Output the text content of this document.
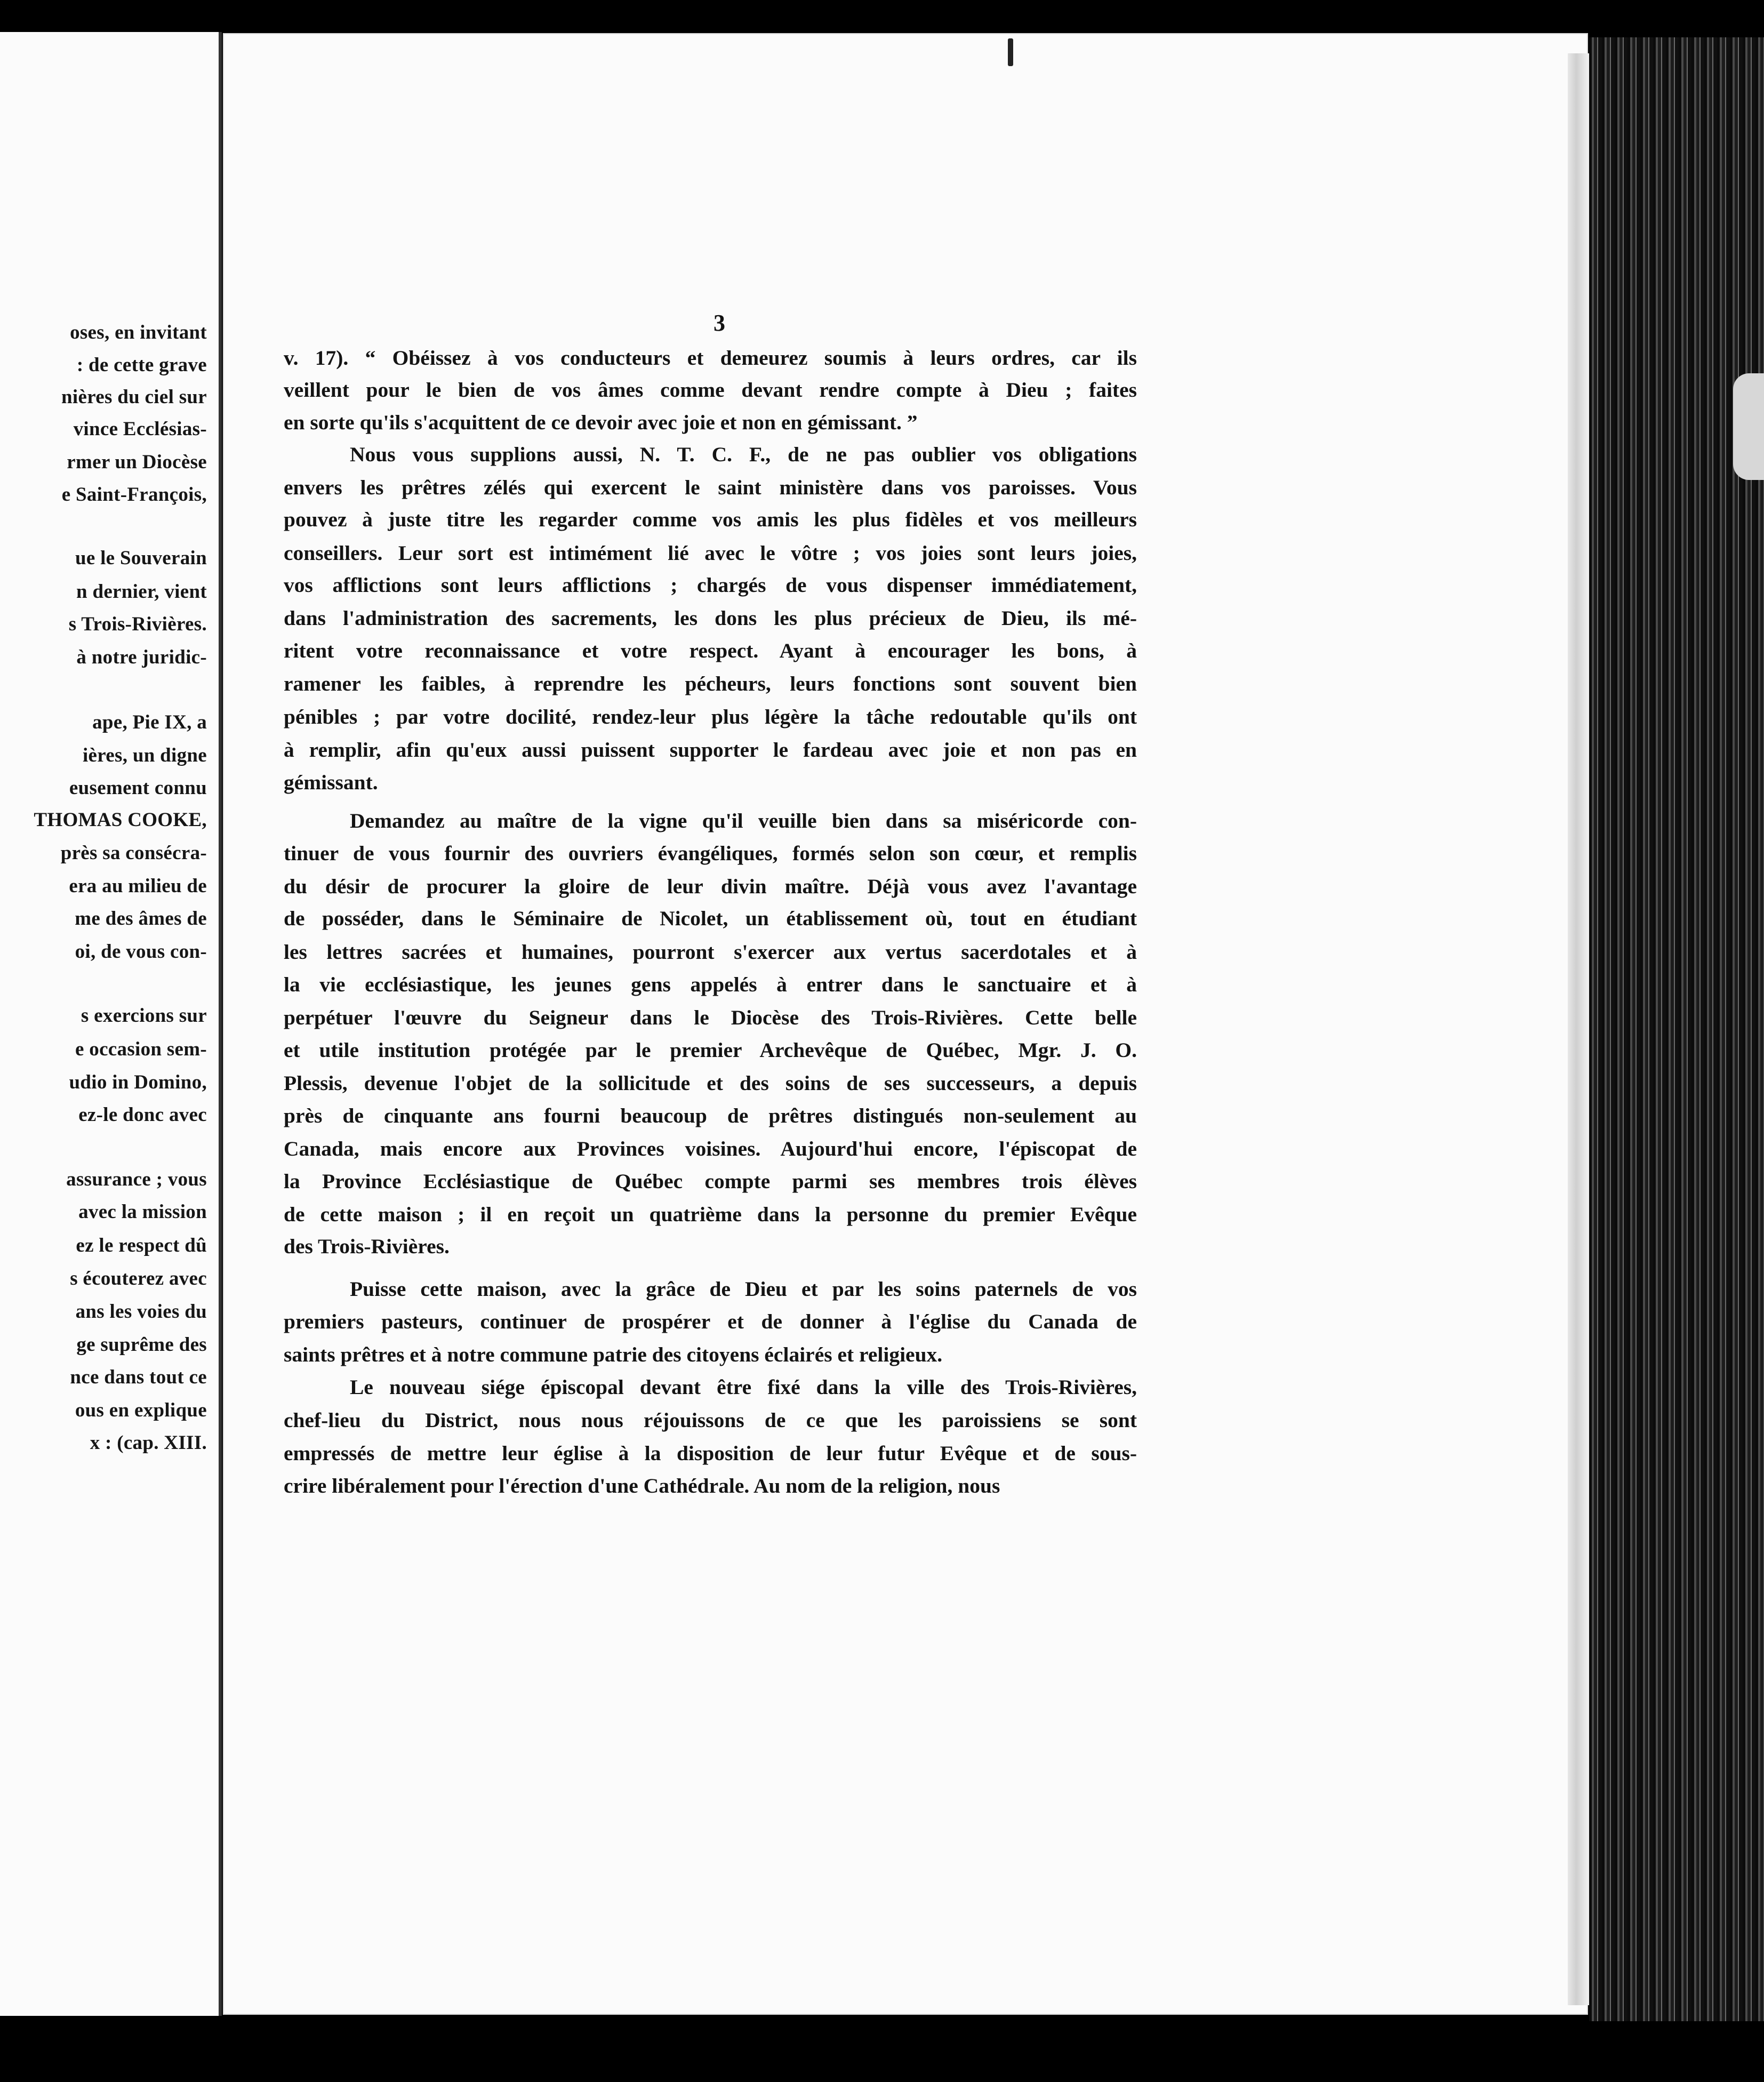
oses, en invitant
: de cette grave
nières du ciel sur
vince Ecclésias-
rmer un Diocèse
e Saint-François,
ue le Souverain
n dernier, vient
s Trois-Rivières.
à notre juridic-
ape, Pie IX, a
ières, un digne
eusement connu
THOMAS COOKE,
près sa consécra-
era au milieu de
me des âmes de
oi, de vous con-
s exercions sur
e occasion sem-
udio in Domino,
ez-le donc avec
assurance ; vous
avec la mission
ez le respect dû
s écouterez avec
ans les voies du
ge suprême des
nce dans tout ce
ous en explique
x : (cap. XIII.
3
v. 17). “ Obéissez à vos conducteurs et demeurez soumis à leurs ordres, car ils
veillent pour le bien de vos âmes comme devant rendre compte à Dieu ; faites
en sorte qu'ils s'acquittent de ce devoir avec joie et non en gémissant. ”
Nous vous supplions aussi, N. T. C. F., de ne pas oublier vos obligations
envers les prêtres zélés qui exercent le saint ministère dans vos paroisses. Vous
pouvez à juste titre les regarder comme vos amis les plus fidèles et vos meilleurs
conseillers. Leur sort est intimément lié avec le vôtre ; vos joies sont leurs joies,
vos afflictions sont leurs afflictions ; chargés de vous dispenser immédiatement,
dans l'administration des sacrements, les dons les plus précieux de Dieu, ils mé-
ritent votre reconnaissance et votre respect. Ayant à encourager les bons, à
ramener les faibles, à reprendre les pécheurs, leurs fonctions sont souvent bien
pénibles ; par votre docilité, rendez-leur plus légère la tâche redoutable qu'ils ont
à remplir, afin qu'eux aussi puissent supporter le fardeau avec joie et non pas en
gémissant.
Demandez au maître de la vigne qu'il veuille bien dans sa miséricorde con-
tinuer de vous fournir des ouvriers évangéliques, formés selon son cœur, et remplis
du désir de procurer la gloire de leur divin maître. Déjà vous avez l'avantage
de posséder, dans le Séminaire de Nicolet, un établissement où, tout en étudiant
les lettres sacrées et humaines, pourront s'exercer aux vertus sacerdotales et à
la vie ecclésiastique, les jeunes gens appelés à entrer dans le sanctuaire et à
perpétuer l'œuvre du Seigneur dans le Diocèse des Trois-Rivières. Cette belle
et utile institution protégée par le premier Archevêque de Québec, Mgr. J. O.
Plessis, devenue l'objet de la sollicitude et des soins de ses successeurs, a depuis
près de cinquante ans fourni beaucoup de prêtres distingués non-seulement au
Canada, mais encore aux Provinces voisines. Aujourd'hui encore, l'épiscopat de
la Province Ecclésiastique de Québec compte parmi ses membres trois élèves
de cette maison ; il en reçoit un quatrième dans la personne du premier Evêque
des Trois-Rivières.
Puisse cette maison, avec la grâce de Dieu et par les soins paternels de vos
premiers pasteurs, continuer de prospérer et de donner à l'église du Canada de
saints prêtres et à notre commune patrie des citoyens éclairés et religieux.
Le nouveau siége épiscopal devant être fixé dans la ville des Trois-Rivières,
chef-lieu du District, nous nous réjouissons de ce que les paroissiens se sont
empressés de mettre leur église à la disposition de leur futur Evêque et de sous-
crire libéralement pour l'érection d'une Cathédrale. Au nom de la religion, nous
